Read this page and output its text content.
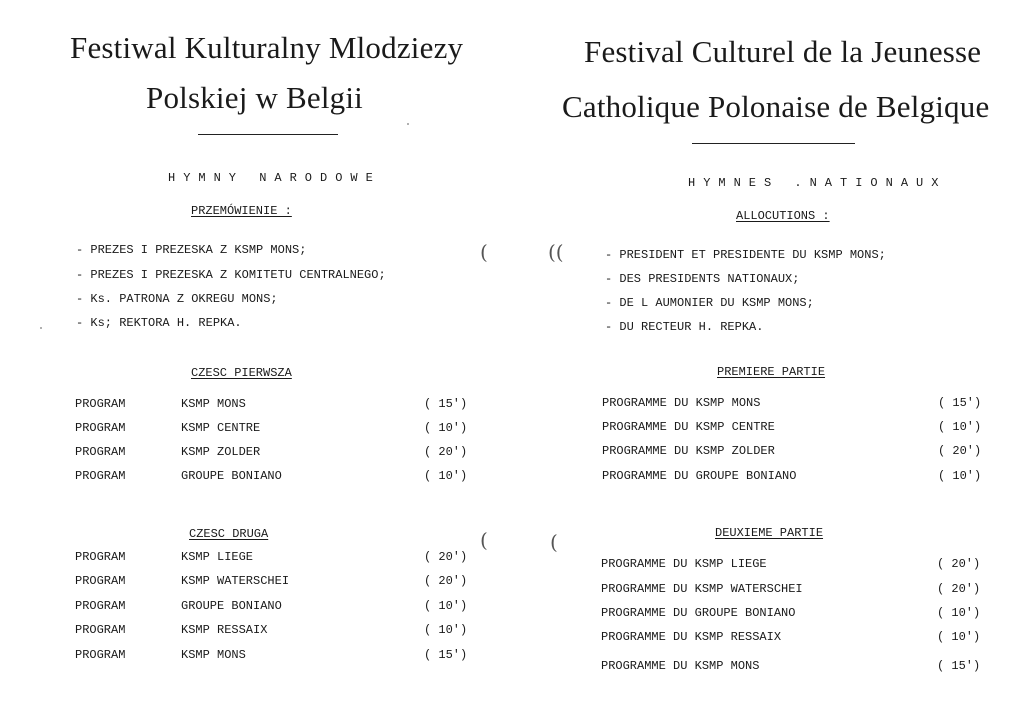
Festiwal Kulturalny Mlodziezy
Polskiej w Belgii
HYMNY NARODOWE
PRZEMÓWIENIE :
- PREZES I PREZESKA Z KSMP MONS;
- PREZES I PREZESKA Z KOMITETU CENTRALNEGO;
- Ks. PATRONA Z OKREGU MONS;
- Ks; REKTORA H. REPKA.
CZESC PIERWSZA
PROGRAM	KSMP MONS	( 15')
PROGRAM	KSMP CENTRE	( 10')
PROGRAM	KSMP ZOLDER	( 20')
PROGRAM	GROUPE BONIANO	( 10')
CZESC DRUGA
PROGRAM	KSMP LIEGE	( 20')
PROGRAM	KSMP WATERSCHEI	( 20')
PROGRAM	GROUPE BONIANO	( 10')
PROGRAM	KSMP RESSAIX	( 10')
PROGRAM	KSMP MONS	( 15')
(
(
Festival Culturel de la Jeunesse
Catholique Polonaise de Belgique
HYMNES .NATIONAUX
ALLOCUTIONS :
- PRESIDENT ET PRESIDENTE DU KSMP MONS;
- DES PRESIDENTS NATIONAUX;
- DE L AUMONIER DU KSMP MONS;
- DU RECTEUR H. REPKA.
PREMIERE PARTIE
PROGRAMME DU KSMP MONS	( 15')
PROGRAMME DU KSMP CENTRE	( 10')
PROGRAMME DU KSMP ZOLDER	( 20')
PROGRAMME DU GROUPE BONIANO	( 10')
DEUXIEME PARTIE
PROGRAMME DU KSMP LIEGE	( 20')
PROGRAMME DU KSMP WATERSCHEI	( 20')
PROGRAMME DU GROUPE BONIANO	( 10')
PROGRAMME DU KSMP RESSAIX	( 10')
PROGRAMME DU KSMP MONS	( 15')
((
(
